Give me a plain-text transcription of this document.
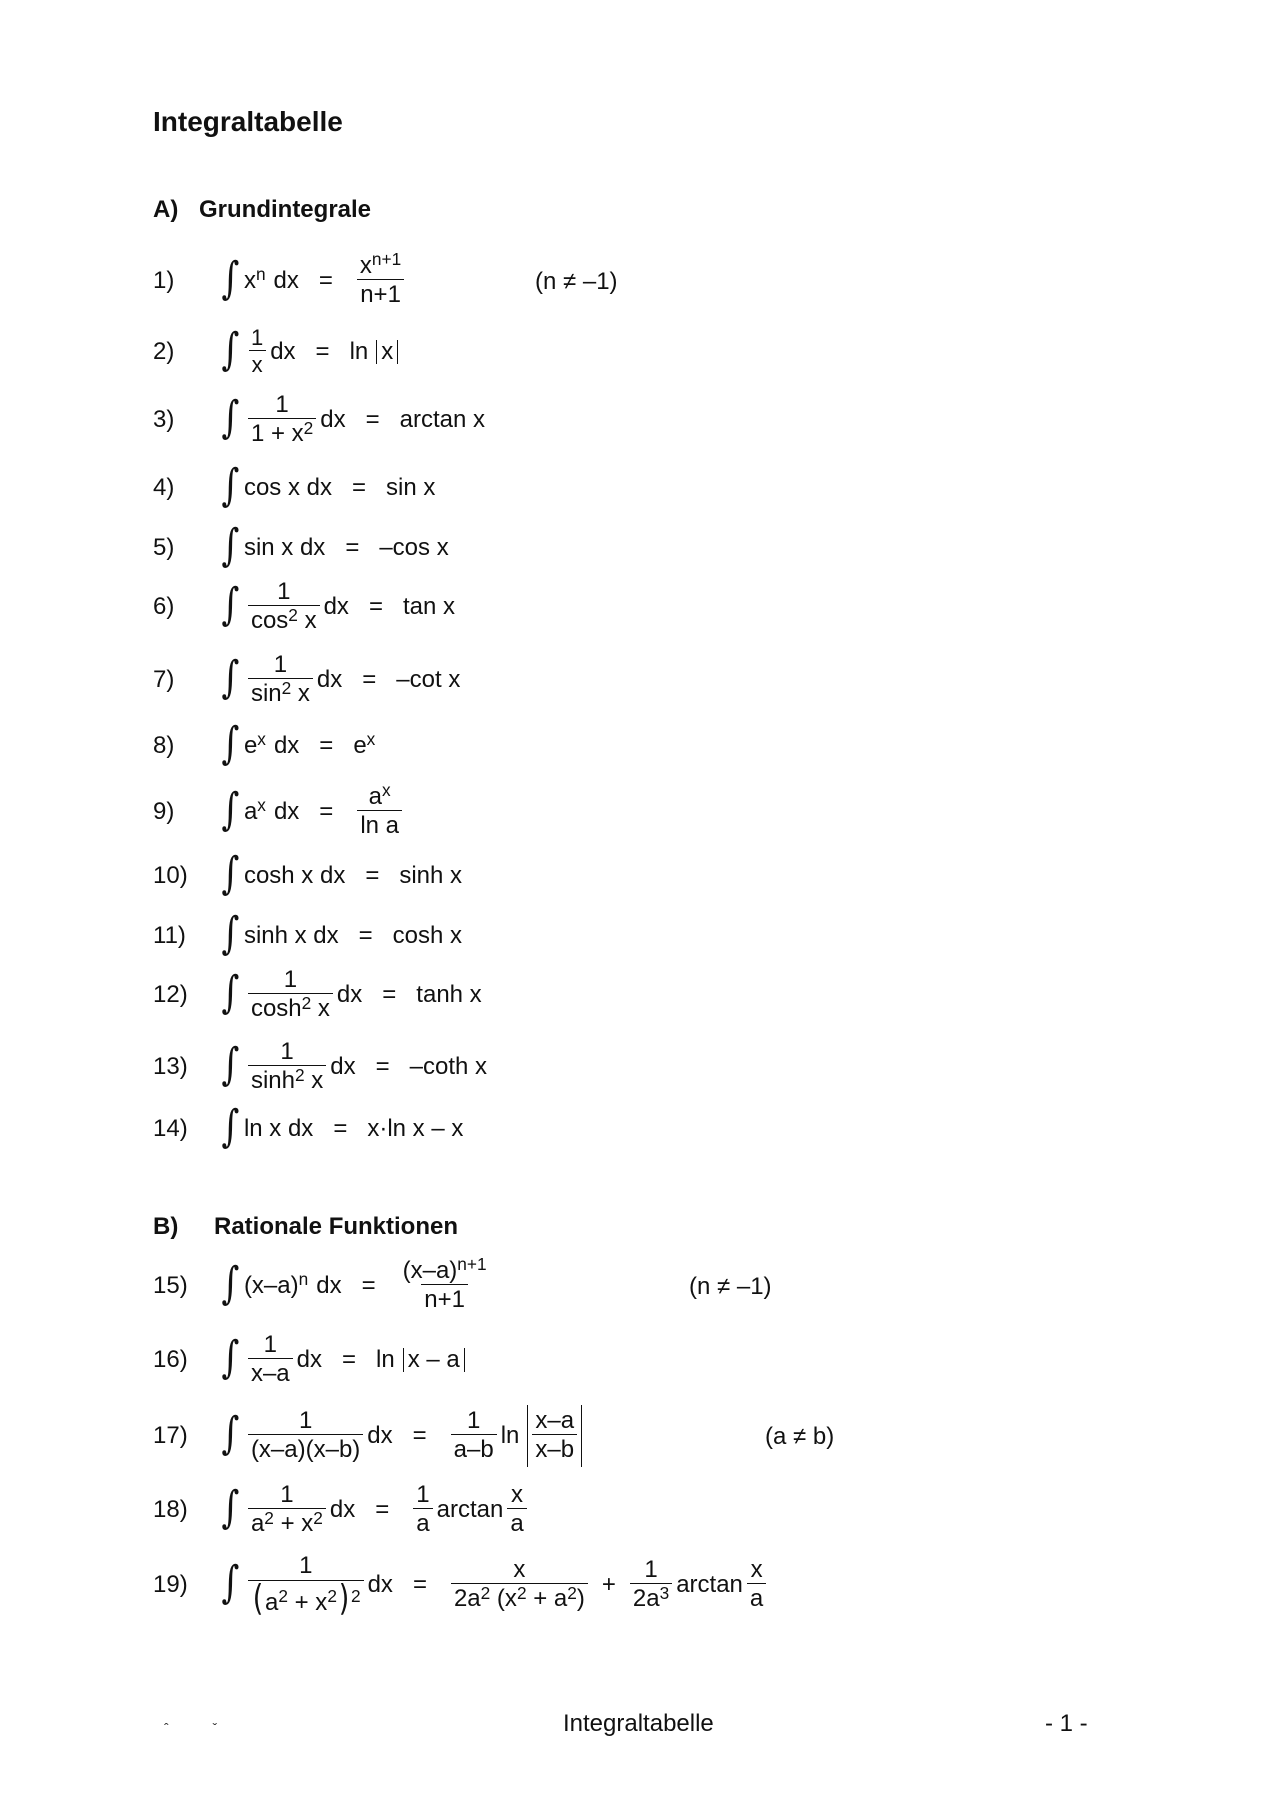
Integraltabelle
A) Grundintegrale
1)	∫ $x^n$ dx = $\frac{x^{n+1}}{n+1}$	(n ≠ –1)
2)	∫ $\frac{1}{x}$ dx = ln x
3)	∫ $\frac{1}{1 + x^2}$ dx = arctan x
4)	∫ cos x dx = sin x
5)	∫ sin x dx = –cos x
6)	∫ $\frac{1}{\cos^2 x}$ dx = tan x
7)	∫ $\frac{1}{\sin^2 x}$ dx = –cot x
8)	∫ $e^x$ dx = $e^x$
9)	∫ $a^x$ dx = $\frac{a^x}{\text{ln a}}$
10) ∫ cosh x dx = sinh x
11) ∫ sinh x dx = cosh x
12) ∫ $\frac{1}{\cosh^2 x}$ dx = tanh x
13) ∫ $\frac{1}{\sinh^2 x}$ dx = –coth x
14) ∫ ln x dx = x·ln x – x
B) Rationale Funktionen
15) ∫ $(x-a)^n$ dx = $\frac{(x-a)^{n+1}}{n+1}$	(n ≠ –1)
16) ∫ $\frac{1}{x-a}$ dx = ln x – a
17) ∫ $\frac{1}{(x-a)(x-b)}$ dx = $\frac{1}{a-b}$ $\ln \frac{x-a}{x-b}$	(a ≠ b)
18) ∫ $\frac{1}{a^2 + x^2}$ dx = $\frac{1}{a}$ $\arctan \frac{x}{a}$
19) ∫ $\frac{1}{(a^2 + x^2) ^2}$ dx = $\frac{x}{2a^2 (x^2 + a^2)} + \frac{1}{2a^3}$ $\arctan \frac{x}{a}$
ˆ ˇ	Integraltabelle	- 1 -
